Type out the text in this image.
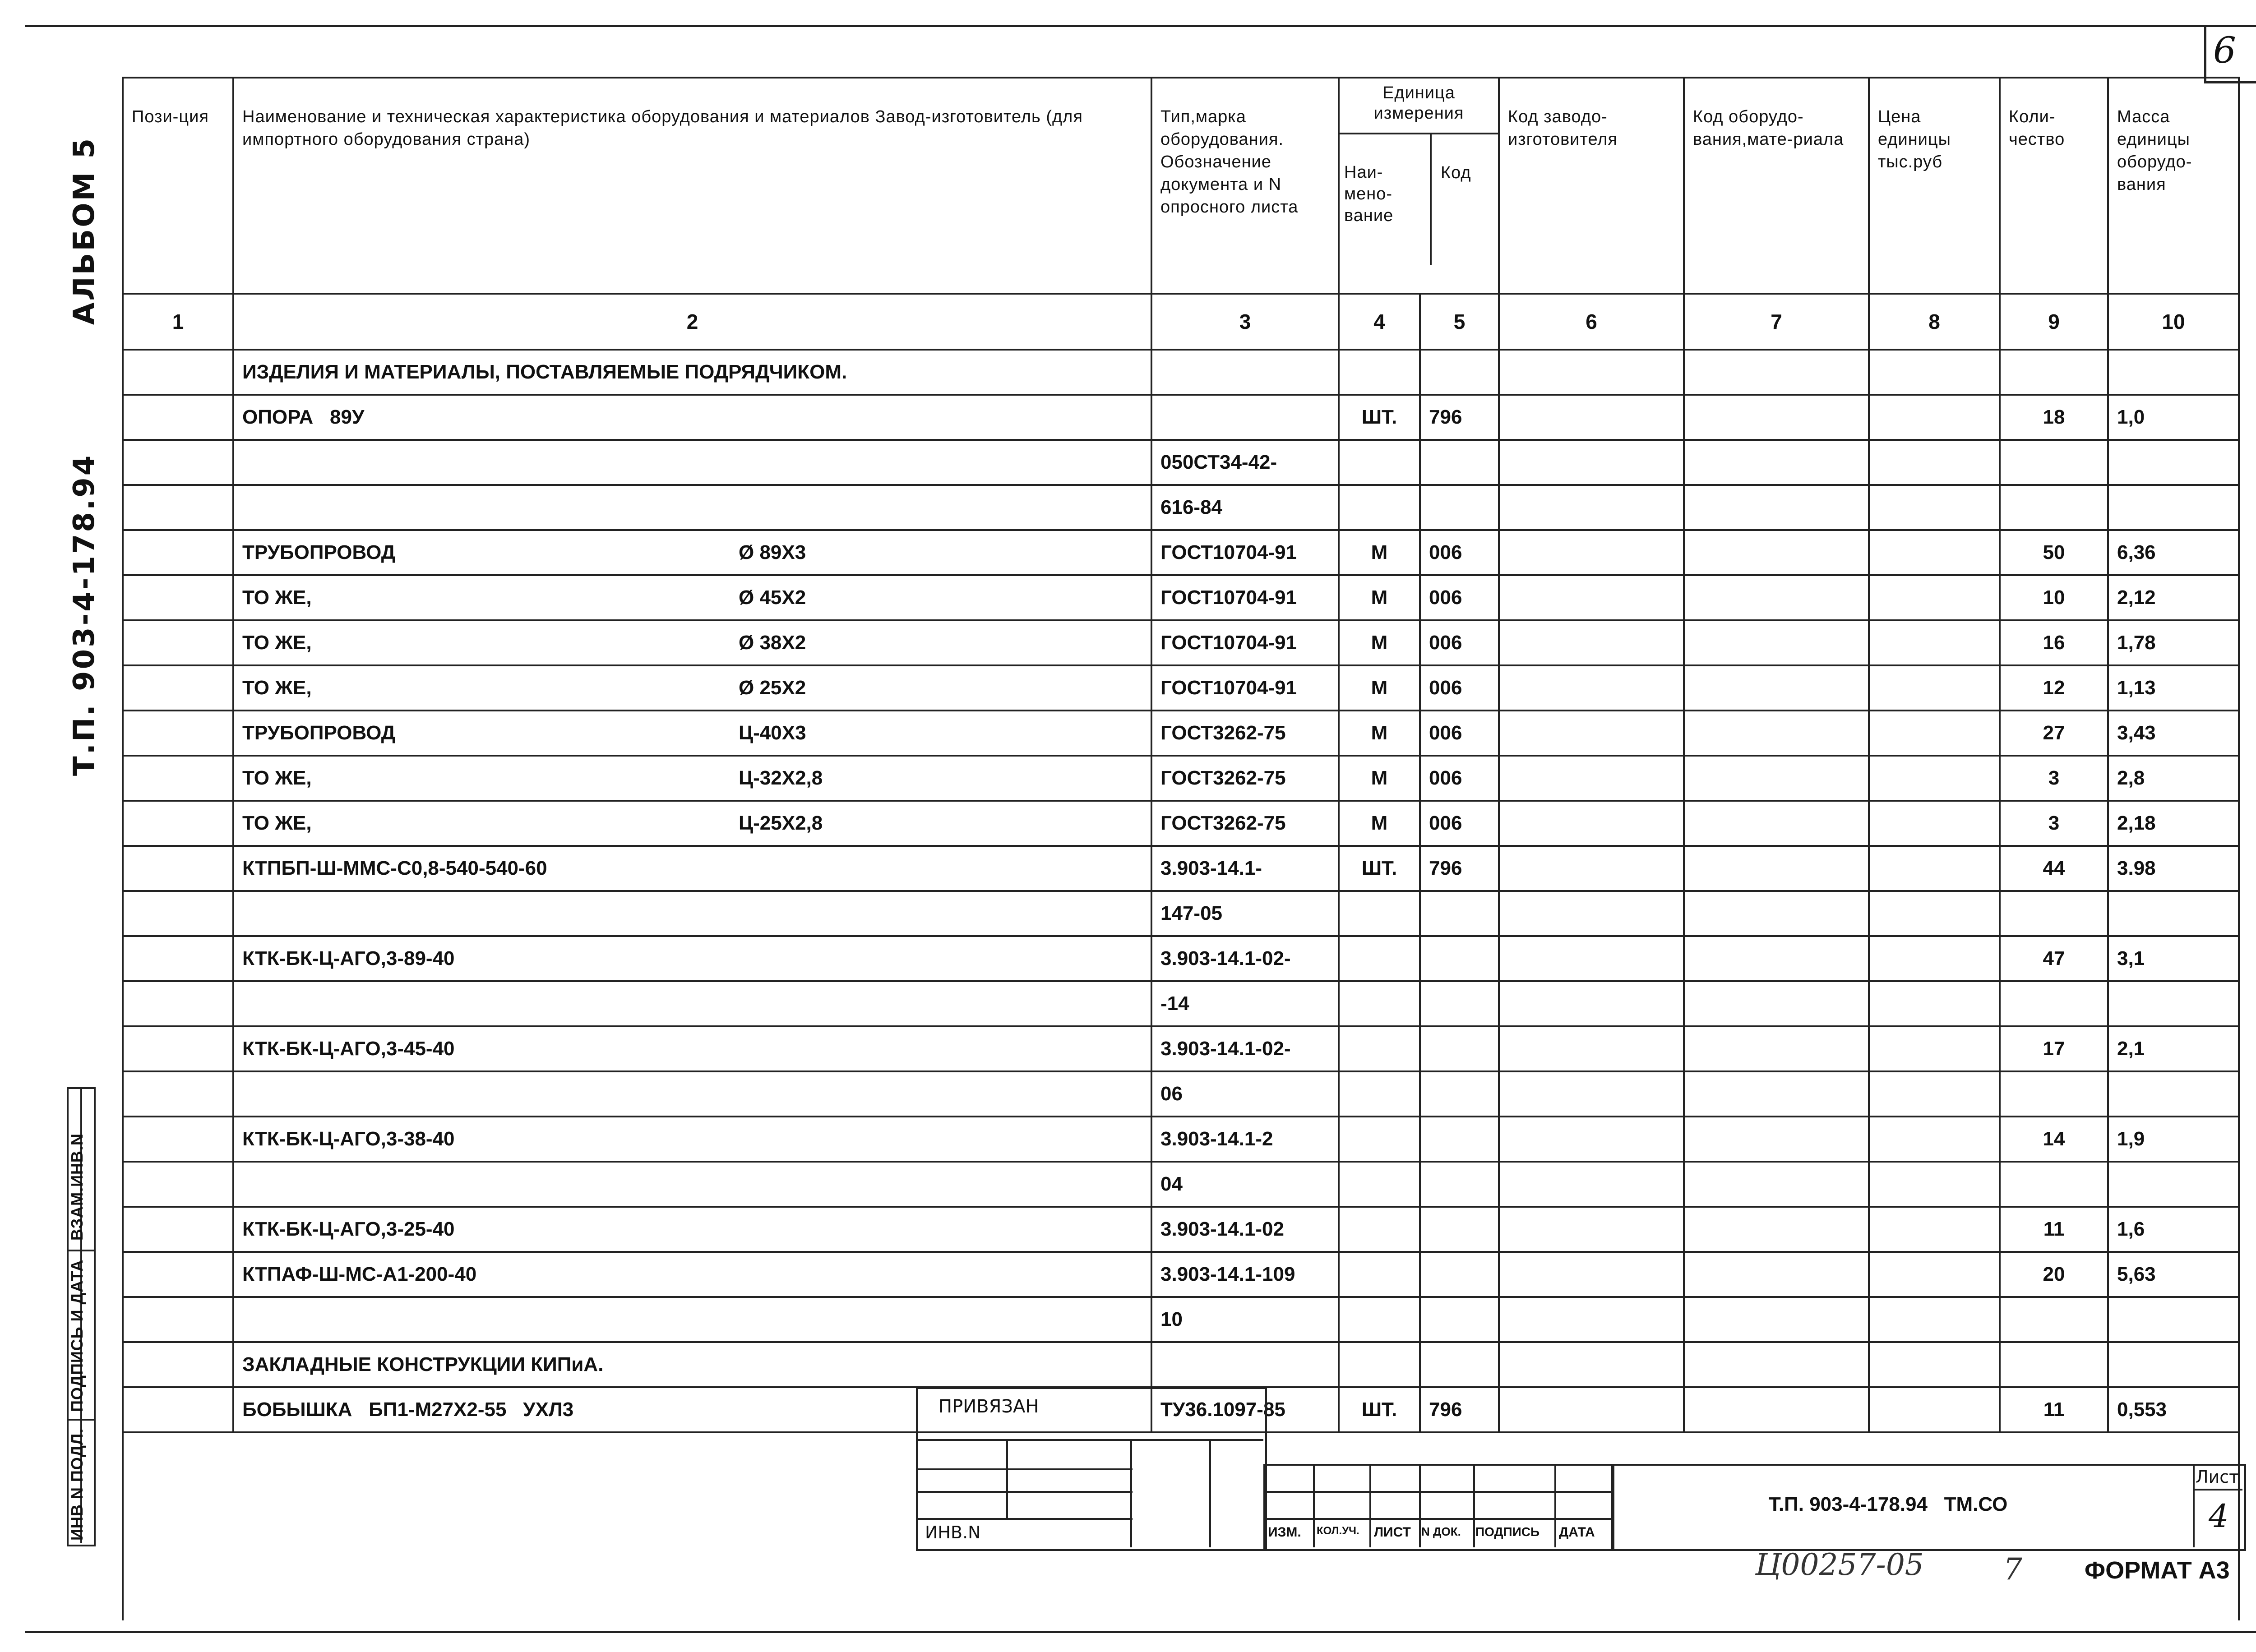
6
АЛЬБОМ 5
Т.П. 903-4-178.94
ИНВ N ПОДЛ.
ПОДПИСЬ И ДАТА
ВЗАМ.ИНВ.N
Пози-ция	Наименование и техническая характеристика оборудования и материалов Завод-изготовитель (для импортного оборудования страна)	Тип,марка оборудования. Обозначение документа и N опросного листа	Единица измерения
Наи-мено-вание
Код		Код заводо-изготовителя	Код оборудо-вания,мате-риала	Цена единицы тыс.руб	Коли-чество	Масса единицы оборудо-вания
1	2	3	4	5	6	7	8	9	10
	ИЗДЕЛИЯ И МАТЕРИАЛЫ, ПОСТАВЛЯЕМЫЕ ПОДРЯДЧИКОМ.								
	ОПОРА   89У		ШТ.	796				18	1,0
		050СТ34-42-							
		616-84							
	ТРУБОПРОВОД Ø 89Х3	ГОСТ10704-91	М	006				50	6,36
	ТО ЖЕ, Ø 45Х2	ГОСТ10704-91	М	006				10	2,12
	ТО ЖЕ, Ø 38Х2	ГОСТ10704-91	М	006				16	1,78
	ТО ЖЕ, Ø 25Х2	ГОСТ10704-91	М	006				12	1,13
	ТРУБОПРОВОД Ц-40Х3	ГОСТ3262-75	М	006				27	3,43
	ТО ЖЕ, Ц-32Х2,8	ГОСТ3262-75	М	006				3	2,8
	ТО ЖЕ, Ц-25Х2,8	ГОСТ3262-75	М	006				3	2,18
	КТПБП-Ш-ММС-С0,8-540-540-60	3.903-14.1-	ШТ.	796				44	3.98
		147-05							
	КТК-БК-Ц-АГО,3-89-40	3.903-14.1-02-						47	3,1
		-14							
	КТК-БК-Ц-АГО,3-45-40	3.903-14.1-02-						17	2,1
		06							
	КТК-БК-Ц-АГО,3-38-40	3.903-14.1-2						14	1,9
		04							
	КТК-БК-Ц-АГО,3-25-40	3.903-14.1-02						11	1,6
	КТПАФ-Ш-МС-А1-200-40	3.903-14.1-109						20	5,63
		10							
	ЗАКЛАДНЫЕ КОНСТРУКЦИИ КИПиА.								
	БОБЫШКА   БП1-М27Х2-55   УХЛ3	ТУ36.1097-85	ШТ.	796				11	0,553

ПРИВЯЗАН
ИНВ.N	ИЗМ. КОЛ.УЧ. ЛИСТ N ДОК. ПОДПИСЬ ДАТА
Т.П. 903-4-178.94   ТМ.СО
Лист
4
Ц00257-05	7	ФОРМАТ А3
